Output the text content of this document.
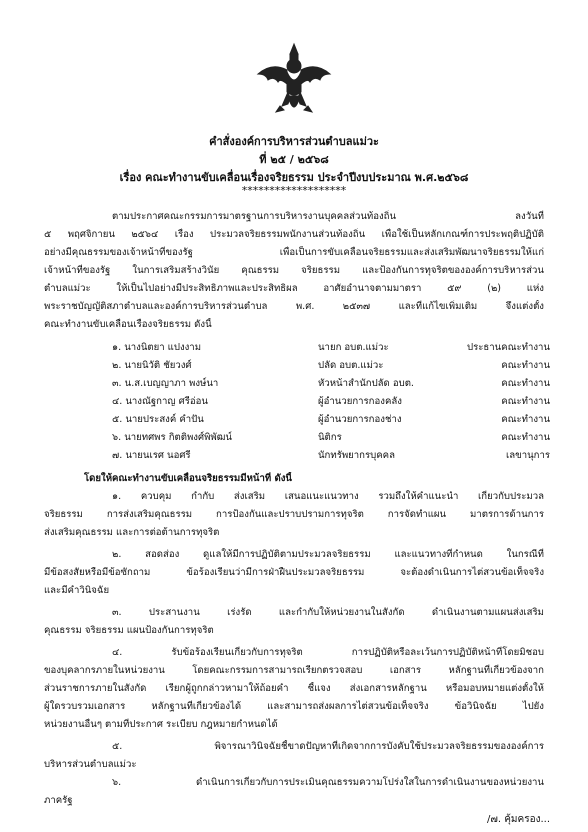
คำสั่งองค์การบริหารส่วนตำบลแม่วะ
ที่ ๒๕ / ๒๕๖๘
เรื่อง คณะทำงานขับเคลื่อนเรื่องจริยธรรม ประจำปีงบประมาณ พ.ศ.๒๕๖๘
*******************
ตามประกาศคณะกรรมการมาตรฐานการบริหารงานบุคคลส่วนท้องถิ่น ลงวันที่
๕ พฤศจิกายน ๒๕๖๔ เรื่อง ประมวลจริยธรรมพนักงานส่วนท้องถิ่น เพื่อใช้เป็นหลักเกณฑ์การประพฤติปฏิบัติ
อย่างมีคุณธรรมของเจ้าหน้าที่ของรัฐ เพื่อเป็นการขับเคลื่อนจริยธรรมและส่งเสริมพัฒนาจริยธรรมให้แก่
เจ้าหน้าที่ของรัฐ ในการเสริมสร้างวินัย คุณธรรม จริยธรรม และป้องกันการทุจริตขององค์การบริหารส่วน
ตำบลแม่วะ ให้เป็นไปอย่างมีประสิทธิภาพและประสิทธิผล อาศัยอำนาจตามมาตรา ๕๙ (๒) แห่ง
พระราชบัญญัติสภาตำบลและองค์การบริหารส่วนตำบล พ.ศ. ๒๕๓๗ และที่แก้ไขเพิ่มเติม จึงแต่งตั้ง
คณะทำงานขับเคลื่อนเรื่องจริยธรรม ดังนี้
๑. นางนิตยา แปงงาม	นายก อบต.แม่วะ	ประธานคณะทำงาน
๒. นายนิวัติ ชัยวงศ์	ปลัด อบต.แม่วะ	คณะทำงาน
๓. น.ส.เบญญาภา พงษ์นา	หัวหน้าสำนักปลัด อบต.	คณะทำงาน
๔. นางณัฐกาญ ศรีอ่อน	ผู้อำนวยการกองคลัง	คณะทำงาน
๕. นายประสงค์ คำปัน	ผู้อำนวยการกองช่าง	คณะทำงาน
๖. นายทศพร กิตติพงศ์พิพัฒน์	นิติกร	คณะทำงาน
๗. นายนเรศ นอศรี	นักทรัพยากรบุคคล	เลขานุการ
โดยให้คณะทำงานขับเคลื่อนจริยธรรมมีหน้าที่ ดังนี้
๑. ควบคุม กำกับ ส่งเสริม เสนอแนะแนวทาง รวมถึงให้คำแนะนำ เกี่ยวกับประมวล
จริยธรรม การส่งเสริมคุณธรรม การป้องกันและปราบปรามการทุจริต การจัดทำแผน มาตรการด้านการ
ส่งเสริมคุณธรรม และการต่อต้านการทุจริต
๒. สอดส่อง ดูแลให้มีการปฏิบัติตามประมวลจริยธรรม และแนวทางที่กำหนด ในกรณีที่
มีข้อสงสัยหรือมีข้อซักถาม ข้อร้องเรียนว่ามีการฝ่าฝืนประมวลจริยธรรม จะต้องดำเนินการไต่สวนข้อเท็จจริง
และมีคำวินิจฉัย
๓. ประสานงาน เร่งรัด และกำกับให้หน่วยงานในสังกัด ดำเนินงานตามแผนส่งเสริม
คุณธรรม จริยธรรม แผนป้องกันการทุจริต
๔. รับข้อร้องเรียนเกี่ยวกับการทุจริต การปฏิบัติหรือละเว้นการปฏิบัติหน้าที่โดยมิชอบ
ของบุคลากรภายในหน่วยงาน โดยคณะกรรมการสามารถเรียกตรวจสอบ เอกสาร หลักฐานที่เกี่ยวข้องจาก
ส่วนราชการภายในสังกัด เรียกผู้ถูกกล่าวหามาให้ถ้อยคำ ชี้แจง ส่งเอกสารหลักฐาน หรือมอบหมายแต่งตั้งให้
ผู้ใดรวบรวมเอกสาร หลักฐานที่เกี่ยวข้องได้ และสามารถส่งผลการไต่สวนข้อเท็จจริง ข้อวินิจฉัย ไปยัง
หน่วยงานอื่นๆ ตามที่ประกาศ ระเบียบ กฎหมายกำหนดได้
๕. พิจารณาวินิจฉัยชี้ขาดปัญหาที่เกิดจากการบังคับใช้ประมวลจริยธรรมขององค์การ
บริหารส่วนตำบลแม่วะ
๖. ดำเนินการเกี่ยวกับการประเมินคุณธรรมความโปร่งใสในการดำเนินงานของหน่วยงาน
ภาครัฐ
/๗. คุ้มครอง...
